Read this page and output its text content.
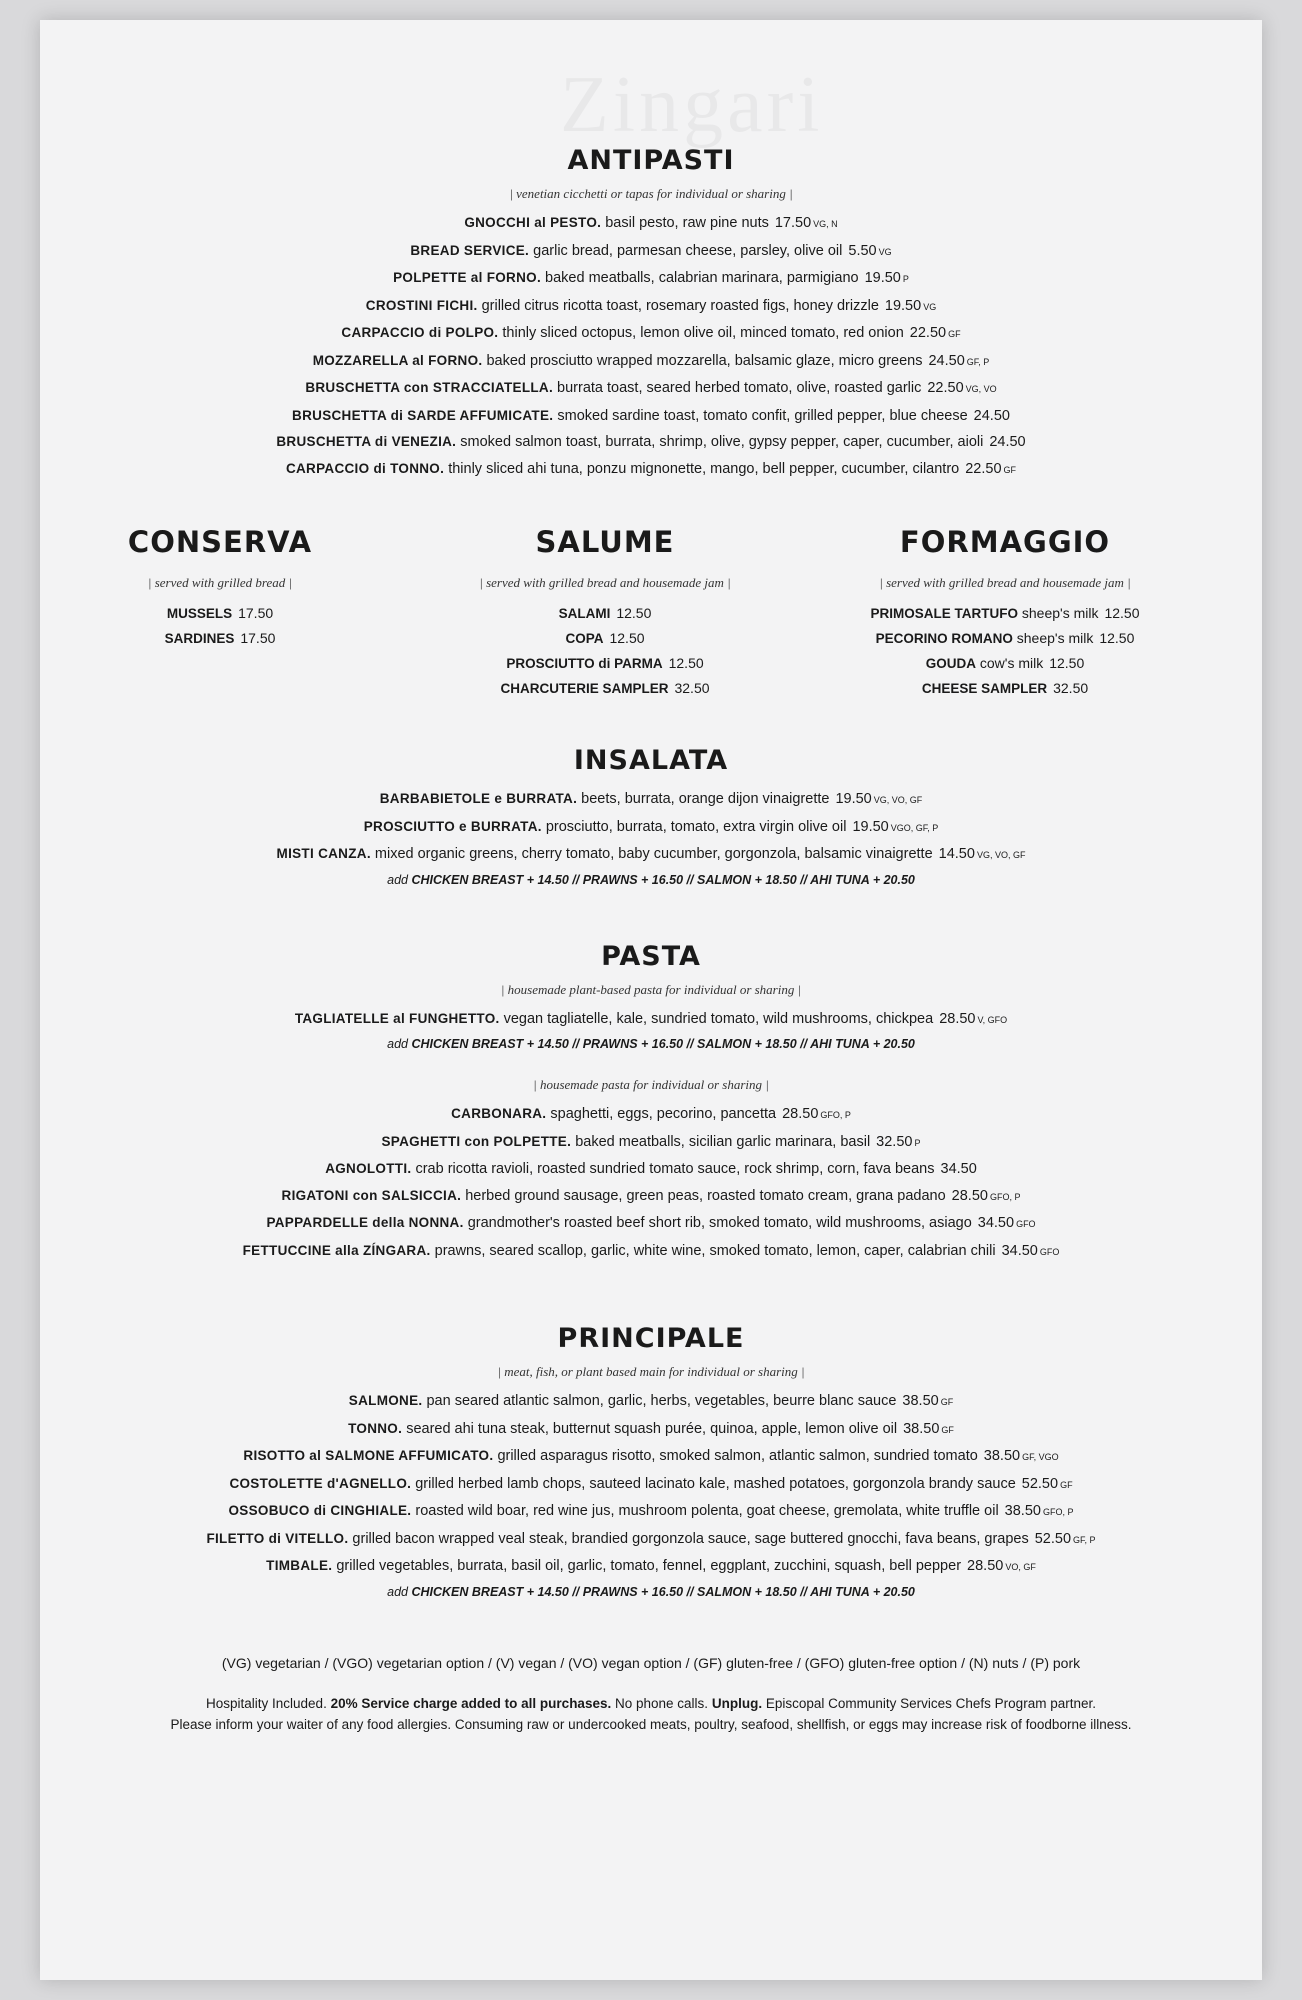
ANTIPASTI
| venetian cicchetti or tapas for individual or sharing |
GNOCCHI al PESTO. basil pesto, raw pine nuts 17.50 VG, N
BREAD SERVICE. garlic bread, parmesan cheese, parsley, olive oil 5.50 VG
POLPETTE al FORNO. baked meatballs, calabrian marinara, parmigiano 19.50 P
CROSTINI FICHI. grilled citrus ricotta toast, rosemary roasted figs, honey drizzle 19.50 VG
CARPACCIO di POLPO. thinly sliced octopus, lemon olive oil, minced tomato, red onion 22.50 GF
MOZZARELLA al FORNO. baked prosciutto wrapped mozzarella, balsamic glaze, micro greens 24.50 GF, P
BRUSCHETTA con STRACCIATELLA. burrata toast, seared herbed tomato, olive, roasted garlic 22.50 VG, VO
BRUSCHETTA di SARDE AFFUMICATE. smoked sardine toast, tomato confit, grilled pepper, blue cheese 24.50
BRUSCHETTA di VENEZIA. smoked salmon toast, burrata, shrimp, olive, gypsy pepper, caper, cucumber, aioli 24.50
CARPACCIO di TONNO. thinly sliced ahi tuna, ponzu mignonette, mango, bell pepper, cucumber, cilantro 22.50 GF
CONSERVA
| served with grilled bread |
MUSSELS 17.50
SARDINES 17.50
SALUME
| served with grilled bread and housemade jam |
SALAMI 12.50
COPA 12.50
PROSCIUTTO di PARMA 12.50
CHARCUTERIE SAMPLER 32.50
FORMAGGIO
| served with grilled bread and housemade jam |
PRIMOSALE TARTUFO sheep's milk 12.50
PECORINO ROMANO sheep's milk 12.50
GOUDA cow's milk 12.50
CHEESE SAMPLER 32.50
INSALATA
BARBABIETOLE e BURRATA. beets, burrata, orange dijon vinaigrette 19.50 VG, VO, GF
PROSCIUTTO e BURRATA. prosciutto, burrata, tomato, extra virgin olive oil 19.50 VGO, GF, P
MISTI CANZA. mixed organic greens, cherry tomato, baby cucumber, gorgonzola, balsamic vinaigrette 14.50 VG, VO, GF
add CHICKEN BREAST + 14.50 // PRAWNS + 16.50 // SALMON + 18.50 // AHI TUNA + 20.50
PASTA
| housemade plant-based pasta for individual or sharing |
TAGLIATELLE al FUNGHETTO. vegan tagliatelle, kale, sundried tomato, wild mushrooms, chickpea 28.50 V, GFO
add CHICKEN BREAST + 14.50 // PRAWNS + 16.50 // SALMON + 18.50 // AHI TUNA + 20.50
| housemade pasta for individual or sharing |
CARBONARA. spaghetti, eggs, pecorino, pancetta 28.50 GFO, P
SPAGHETTI con POLPETTE. baked meatballs, sicilian garlic marinara, basil 32.50 P
AGNOLOTTI. crab ricotta ravioli, roasted sundried tomato sauce, rock shrimp, corn, fava beans 34.50
RIGATONI con SALSICCIA. herbed ground sausage, green peas, roasted tomato cream, grana padano 28.50 GFO, P
PAPPARDELLE della NONNA. grandmother's roasted beef short rib, smoked tomato, wild mushrooms, asiago 34.50 GFO
FETTUCCINE alla ZÍNGARA. prawns, seared scallop, garlic, white wine, smoked tomato, lemon, caper, calabrian chili 34.50 GFO
PRINCIPALE
| meat, fish, or plant based main for individual or sharing |
SALMONE. pan seared atlantic salmon, garlic, herbs, vegetables, beurre blanc sauce 38.50 GF
TONNO. seared ahi tuna steak, butternut squash purée, quinoa, apple, lemon olive oil 38.50 GF
RISOTTO al SALMONE AFFUMICATO. grilled asparagus risotto, smoked salmon, atlantic salmon, sundried tomato 38.50 GF, VGO
COSTOLETTE d'AGNELLO. grilled herbed lamb chops, sauteed lacinato kale, mashed potatoes, gorgonzola brandy sauce 52.50 GF
OSSOBUCO di CINGHIALE. roasted wild boar, red wine jus, mushroom polenta, goat cheese, gremolata, white truffle oil 38.50 GFO, P
FILETTO di VITELLO. grilled bacon wrapped veal steak, brandied gorgonzola sauce, sage buttered gnocchi, fava beans, grapes 52.50 GF, P
TIMBALE. grilled vegetables, burrata, basil oil, garlic, tomato, fennel, eggplant, zucchini, squash, bell pepper 28.50 VO, GF
add CHICKEN BREAST + 14.50 // PRAWNS + 16.50 // SALMON + 18.50 // AHI TUNA + 20.50
(VG) vegetarian / (VGO) vegetarian option / (V) vegan / (VO) vegan option / (GF) gluten-free / (GFO) gluten-free option / (N) nuts / (P) pork
Hospitality Included. 20% Service charge added to all purchases. No phone calls. Unplug. Episcopal Community Services Chefs Program partner.
Please inform your waiter of any food allergies. Consuming raw or undercooked meats, poultry, seafood, shellfish, or eggs may increase risk of foodborne illness.
